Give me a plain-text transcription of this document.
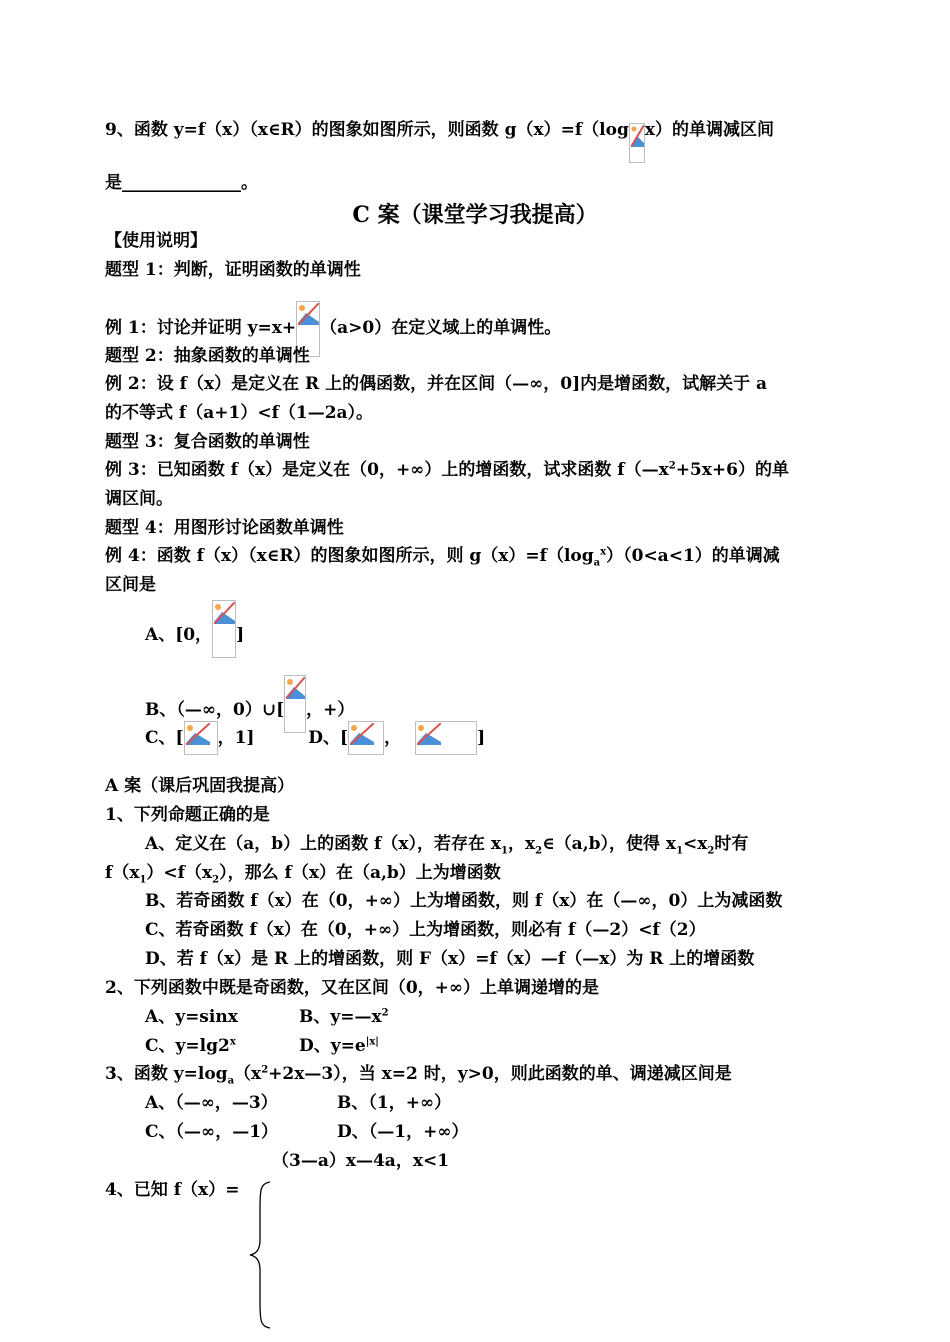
9、函数 y=f（x）（x∈R）的图象如图所示，则函数 g（x）=f（log x）的单调减区间
是______________。
C 案（课堂学习我提高）
【使用说明】
题型 1：判断，证明函数的单调性
例 1：讨论并证明 y=x+ （a>0）在定义域上的单调性。
题型 2：抽象函数的单调性
例 2：设 f（x）是定义在 R 上的偶函数，并在区间（—∞，0]内是增函数，试解关于 a
的不等式 f（a+1）<f（1—2a）。
题型 3：复合函数的单调性
例 3：已知函数 f（x）是定义在（0，+∞）上的增函数，试求函数 $f(—x^2+5x+6)$的单
调区间。
题型 4：用图形讨论函数单调性
例 4：函数 f（x）（x∈R）的图象如图所示，则 $g(x)=f(\log_a^x)(0<a<1)$的单调减
区间是
A、[0， ]
B、（—∞，0）∪[ ，+）
C、[ ，1]	D、[ ，	]
A 案（课后巩固我提高）
1、下列命题正确的是
A、定义在（a，b）上的函数 f（x），若存在 $x_1$，$x_2\in(a,b)$，使得 $x_1<x_2$时有
$f(x_1)<f(x_2)$，那么 f（x）在（a,b）上为增函数
B、若奇函数 f（x）在（0，+∞）上为增函数，则 f（x）在（—∞，0）上为减函数
C、若奇函数 f（x）在（0，+∞）上为增函数，则必有 f（—2）<f（2）
D、若 f（x）是 R 上的增函数，则 F（x）=f（x）—f（—x）为 R 上的增函数
2、下列函数中既是奇函数，又在区间（0，+∞）上单调递增的是
A、y=sinx	B、$y=—x^2$
C、$y=\lg 2^x$	D、$y=e^{|x|}$
3、函数 $y=\log_a(x^2+2x—3)$，当 x=2 时，y>0，则此函数的单、调递减区间是
A、（—∞，—3）	B、（1，+∞）
C、（—∞，—1）	D、（—1，+∞）
（3—a）x—4a，x<1
4、已知 f（x）=
